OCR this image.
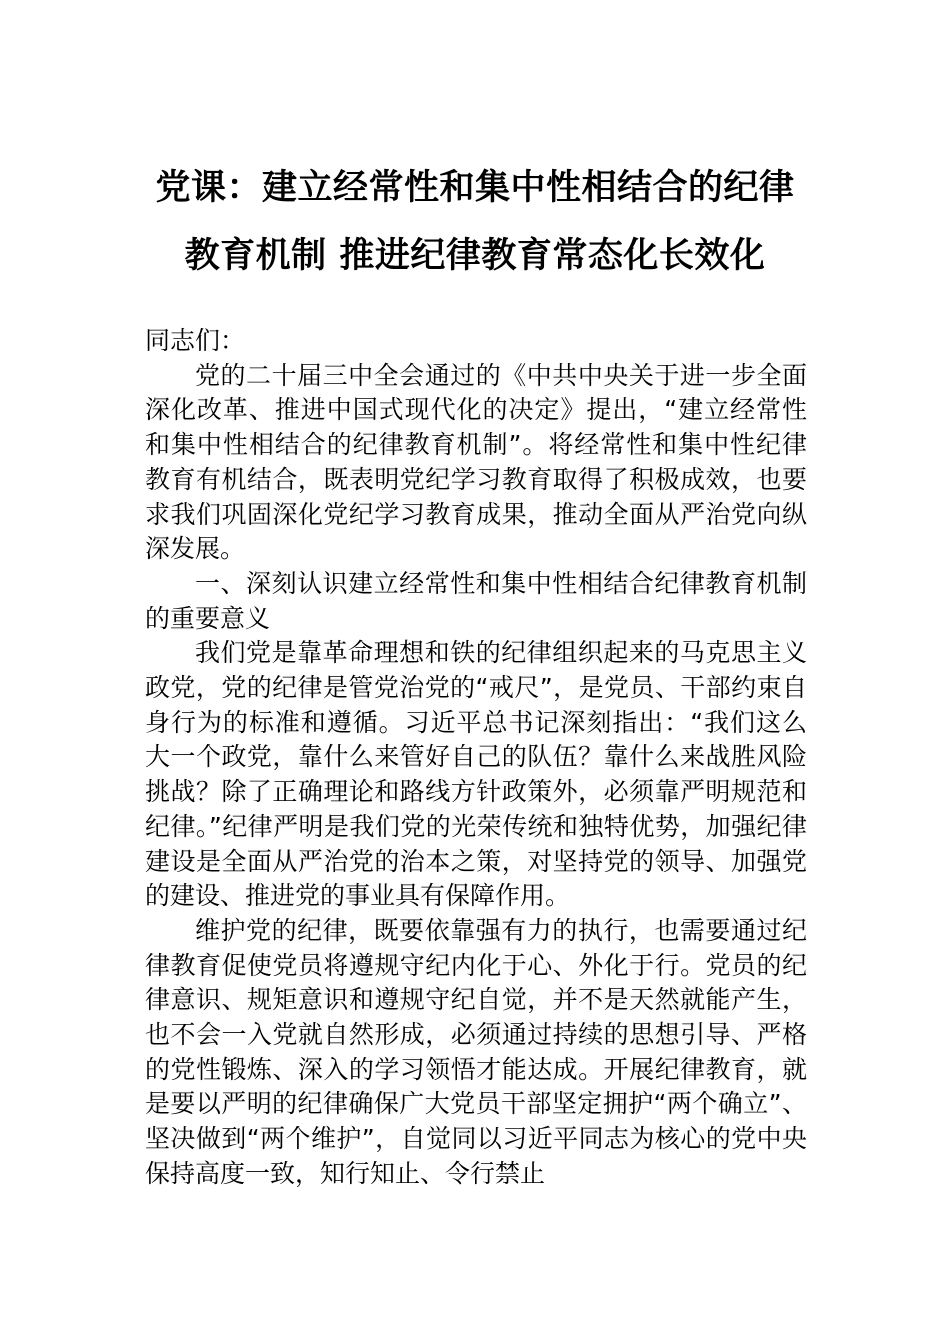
党课：建立经常性和集中性相结合的纪律
教育机制 推进纪律教育常态化长效化

同志们：

党的二十届三中全会通过的《中共中央关于进一步全面深化改革、推进中国式现代化的决定》提出，“建立经常性和集中性相结合的纪律教育机制”。将经常性和集中性纪律教育有机结合，既表明党纪学习教育取得了积极成效，也要求我们巩固深化党纪学习教育成果，推动全面从严治党向纵深发展。

一、深刻认识建立经常性和集中性相结合纪律教育机制的重要意义

我们党是靠革命理想和铁的纪律组织起来的马克思主义政党，党的纪律是管党治党的“戒尺”，是党员、干部约束自身行为的标准和遵循。习近平总书记深刻指出：“我们这么大一个政党，靠什么来管好自己的队伍？靠什么来战胜风险挑战？除了正确理论和路线方针政策外，必须靠严明规范和纪律。”纪律严明是我们党的光荣传统和独特优势，加强纪律建设是全面从严治党的治本之策，对坚持党的领导、加强党的建设、推进党的事业具有保障作用。

维护党的纪律，既要依靠强有力的执行，也需要通过纪律教育促使党员将遵规守纪内化于心、外化于行。党员的纪律意识、规矩意识和遵规守纪自觉，并不是天然就能产生，也不会一入党就自然形成，必须通过持续的思想引导、严格的党性锻炼、深入的学习领悟才能达成。开展纪律教育，就是要以严明的纪律确保广大党员干部坚定拥护“两个确立”、坚决做到“两个维护”，自觉同以习近平同志为核心的党中央保持高度一致，知行知止、令行禁止
